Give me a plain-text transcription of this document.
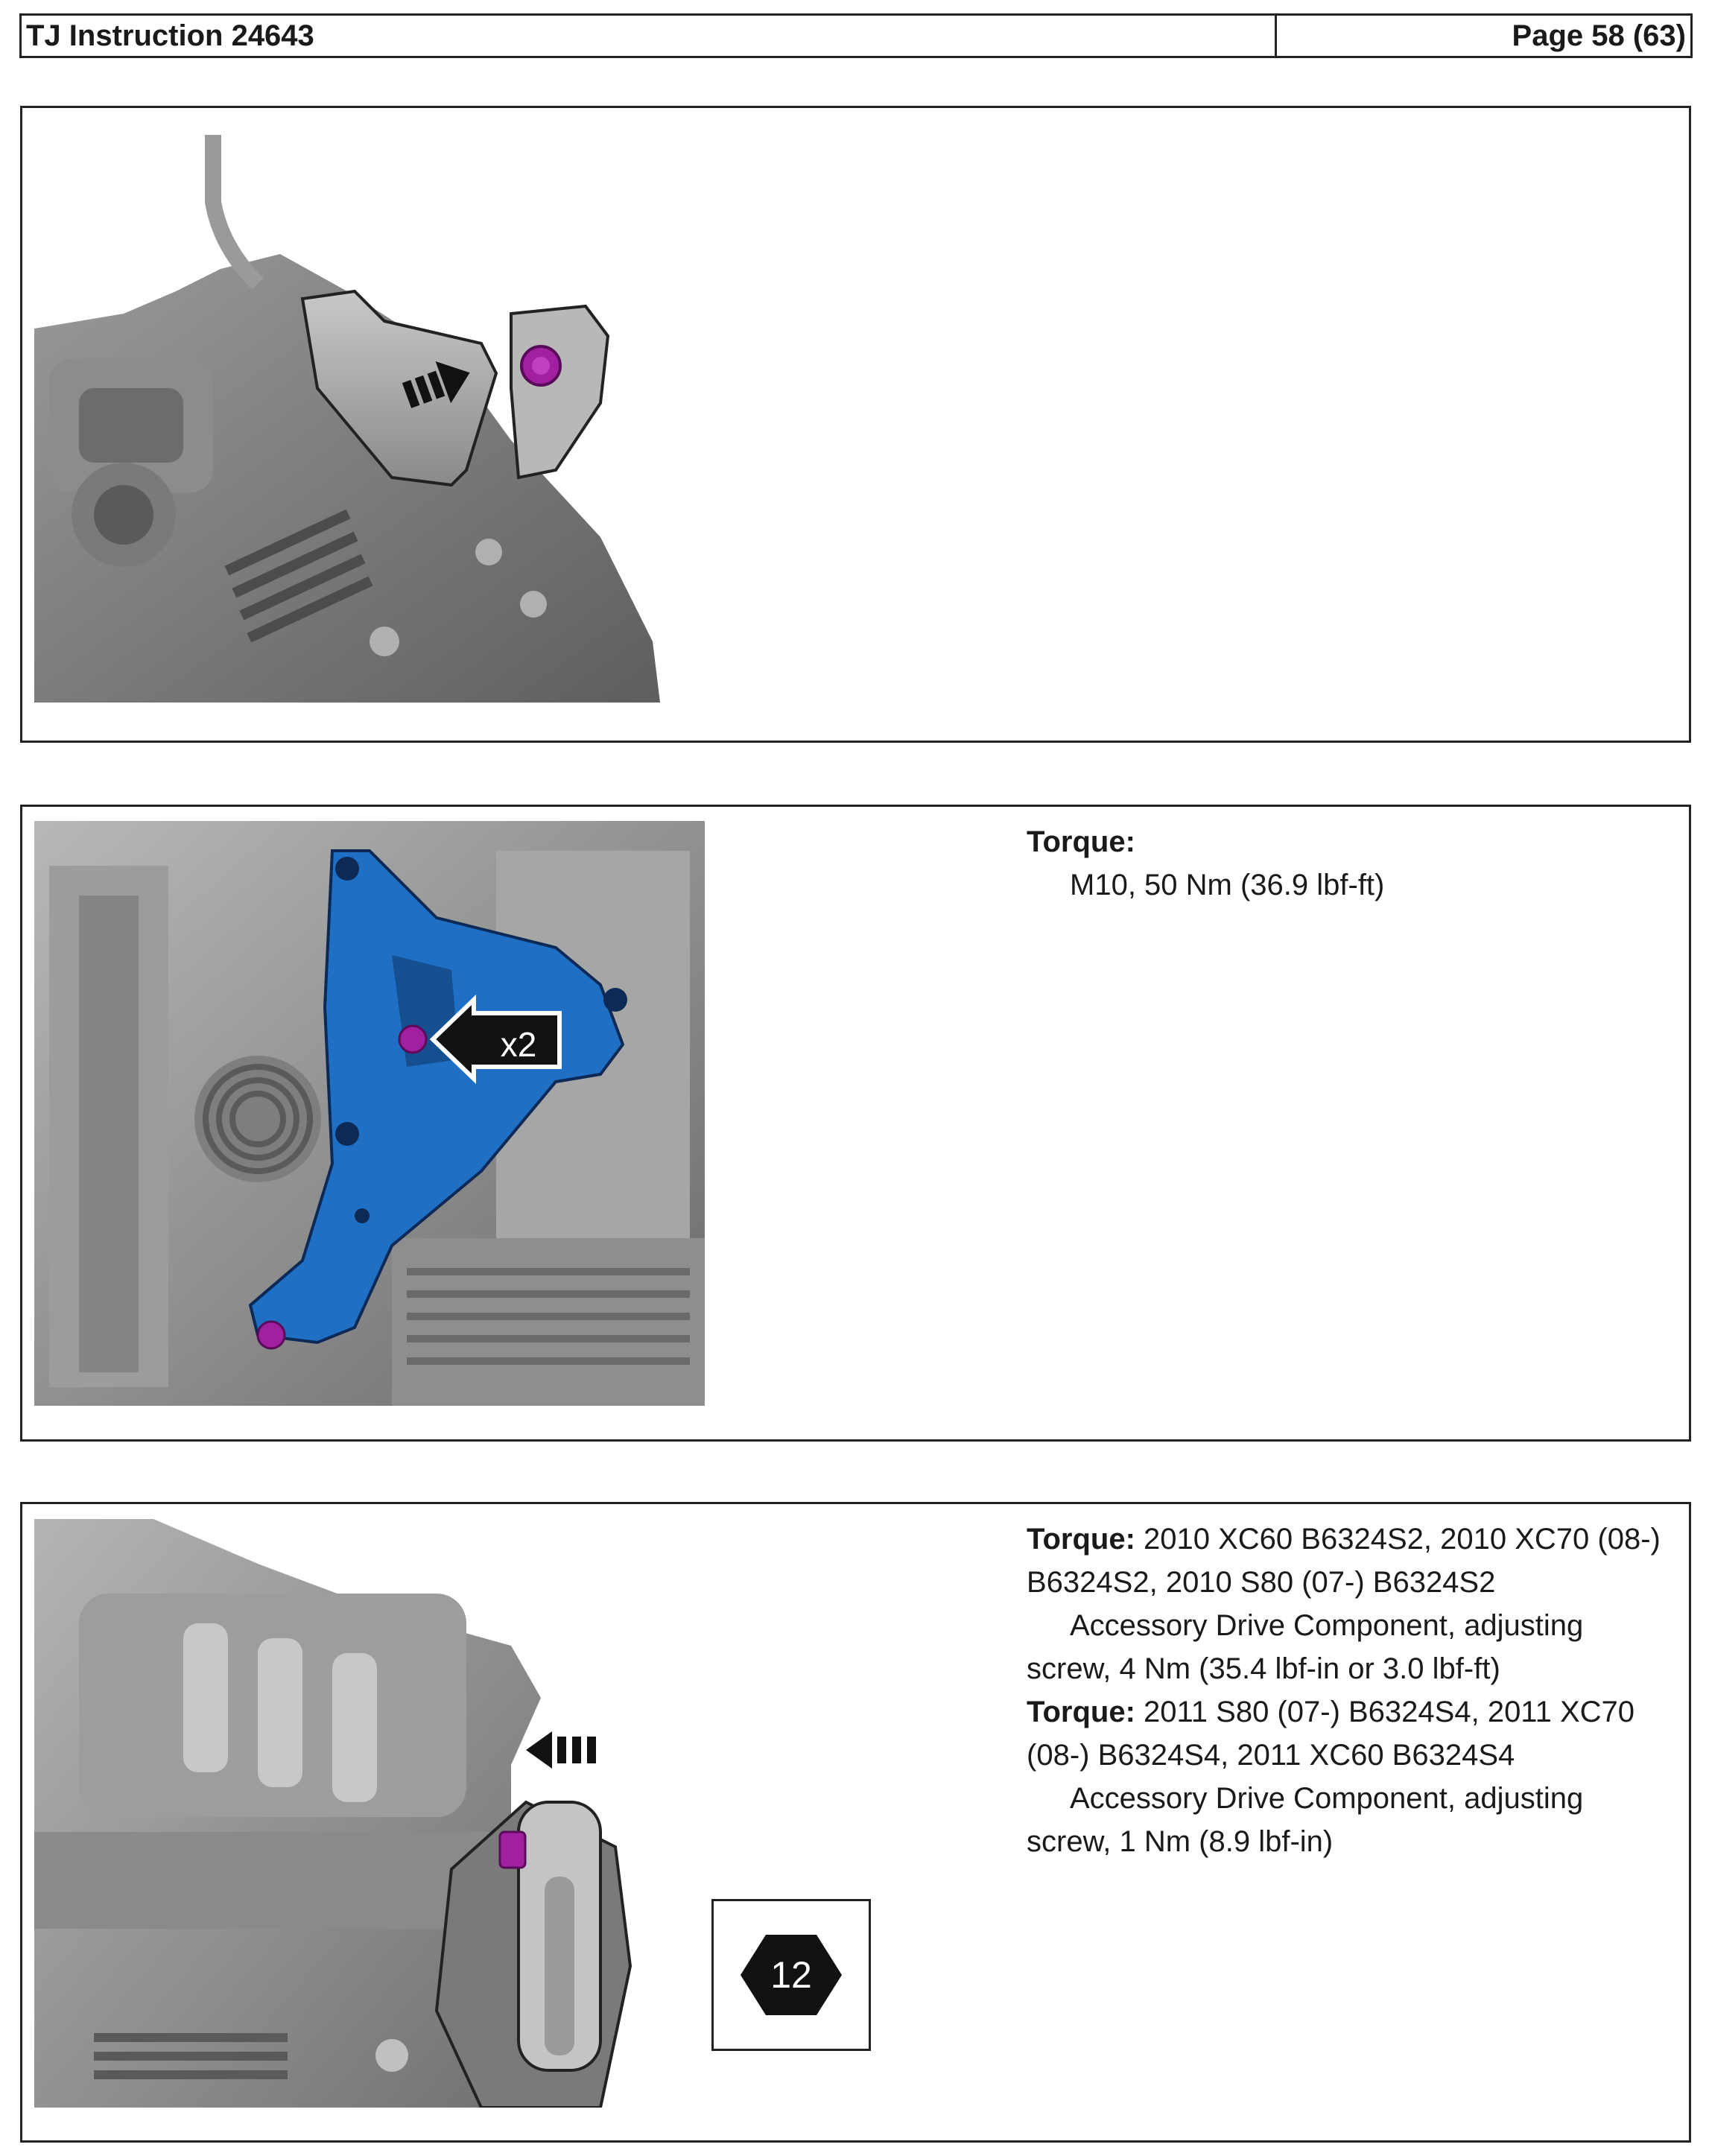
TJ Instruction 24643	Page 58 (63)
x2
Torque:

M10, 50 Nm (36.9 lbf-ft)
12
Torque: 2010 XC60 B6324S2, 2010 XC70 (08-) B6324S2, 2010 S80 (07-) B6324S2

Accessory Drive Component, adjusting
screw, 4 Nm (35.4 lbf-in or 3.0 lbf-ft)
Torque: 2011 S80 (07-) B6324S4, 2011 XC70 (08-) B6324S4, 2011 XC60 B6324S4

Accessory Drive Component, adjusting
screw, 1 Nm (8.9 lbf-in)
